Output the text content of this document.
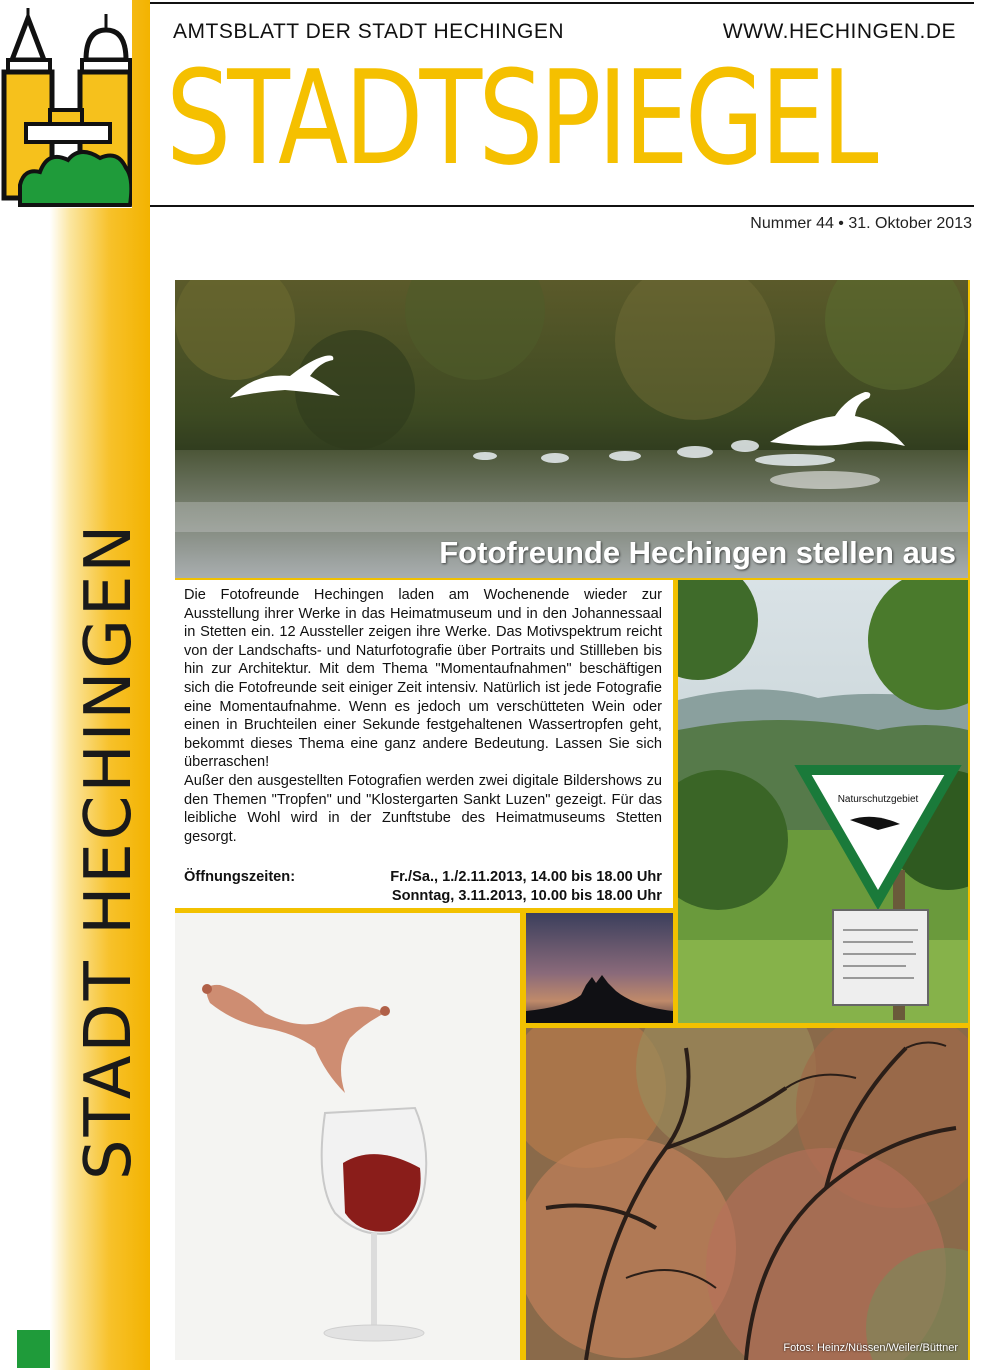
STADT HECHINGEN
AMTSBLATT DER STADT HECHINGEN	WWW.HECHINGEN.DE
STADTSPIEGEL
Nummer 44 • 31. Oktober 2013
Fotofreunde Hechingen stellen aus

Die Fotofreunde Hechingen laden am Wochenende wieder zur Ausstellung ihrer Werke in das Heimatmuseum und in den Johannessaal in Stetten ein. 12 Aussteller zeigen ihre Werke. Das Motivspektrum reicht von der Landschafts- und Naturfotografie über Portraits und Stillleben bis hin zur Architektur. Mit dem Thema "Momentaufnahmen" beschäftigen sich die Fotofreunde seit einiger Zeit intensiv. Natürlich ist jede Fotografie eine Momentaufnahme. Wenn es jedoch um verschütteten Wein oder einen in Bruchteilen einer Sekunde festgehaltenen Wassertropfen geht, bekommt dieses Thema eine ganz andere Bedeutung. Lassen Sie sich überraschen!
Außer den ausgestellten Fotografien werden zwei digitale Bildershows zu den Themen "Tropfen" und "Klostergarten Sankt Luzen" gezeigt. Für das leibliche Wohl wird in der Zunftstube des Heimatmuseums Stetten gesorgt.

Öffnungszeiten:	Fr./Sa., 1./2.11.2013, 14.00 bis 18.00 Uhr
Sonntag, 3.11.2013, 10.00 bis 18.00 Uhr
Naturschutzgebiet
Fotos: Heinz/Nüssen/Weiler/Büttner
